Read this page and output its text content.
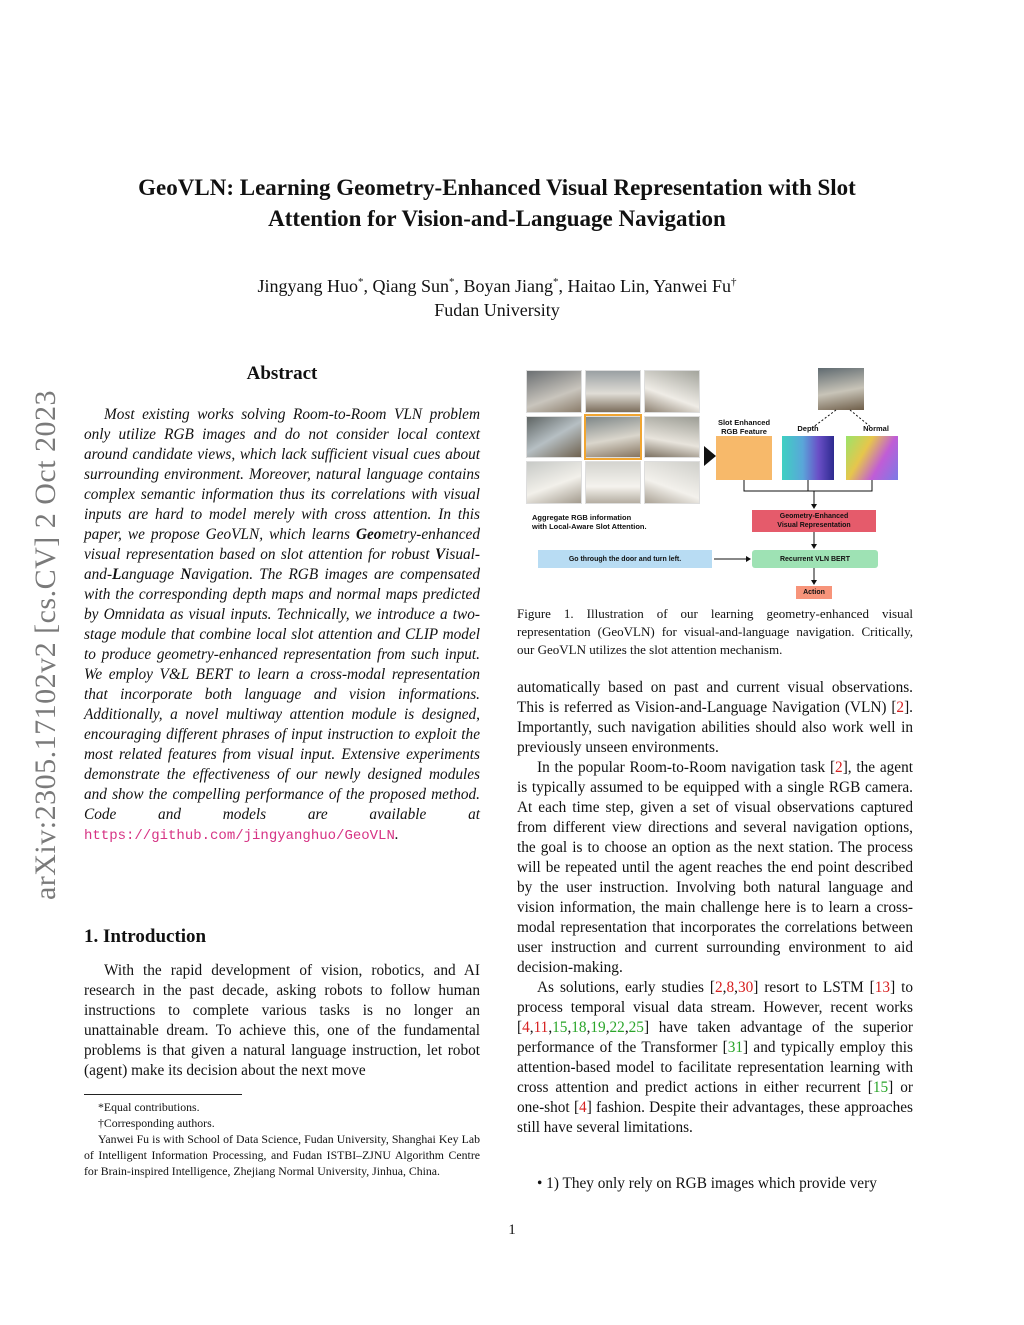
arXiv:2305.17102v2 [cs.CV] 2 Oct 2023
GeoVLN: Learning Geometry-Enhanced Visual Representation with Slot Attention for Vision-and-Language Navigation
Jingyang Huo*, Qiang Sun*, Boyan Jiang*, Haitao Lin, Yanwei Fu†
Fudan University
Abstract
Most existing works solving Room-to-Room VLN problem only utilize RGB images and do not consider local context around candidate views, which lack sufficient visual cues about surrounding environment. Moreover, natural language contains complex semantic information thus its correlations with visual inputs are hard to model merely with cross attention. In this paper, we propose GeoVLN, which learns Geometry-enhanced visual representation based on slot attention for robust Visual-and-Language Navigation. The RGB images are compensated with the corresponding depth maps and normal maps predicted by Omnidata as visual inputs. Technically, we introduce a two-stage module that combine local slot attention and CLIP model to produce geometry-enhanced representation from such input. We employ V&L BERT to learn a cross-modal representation that incorporate both language and vision informations. Additionally, a novel multiway attention module is designed, encouraging different phrases of input instruction to exploit the most related features from visual input. Extensive experiments demonstrate the effectiveness of our newly designed modules and show the compelling performance of the proposed method. Code and models are available at https://github.com/jingyanghuo/GeoVLN.
1. Introduction
With the rapid development of vision, robotics, and AI research in the past decade, asking robots to follow human instructions to complete various tasks is no longer an unattainable dream. To achieve this, one of the fundamental problems is that given a natural language instruction, let robot (agent) make its decision about the next move

*Equal contributions.

†Corresponding authors.

Yanwei Fu is with School of Data Science, Fudan University, Shanghai Key Lab of Intelligent Information Processing, and Fudan ISTBI–ZJNU Algorithm Centre for Brain-inspired Intelligence, Zhejiang Normal University, Jinhua, China.

Aggregate RGB information
with Local-Aware Slot Attention.
Slot Enhanced
RGB Feature	Depth	Normal
Geometry-Enhanced
Visual Representation
Go through the door and turn left.	Recurrent VLN BERT
Action
Figure 1. Illustration of our learning geometry-enhanced visual representation (GeoVLN) for visual-and-language navigation. Critically, our GeoVLN utilizes the slot attention mechanism.

automatically based on past and current visual observations. This is referred as Vision-and-Language Navigation (VLN) [2]. Importantly, such navigation abilities should also work well in previously unseen environments.

In the popular Room-to-Room navigation task [2], the agent is typically assumed to be equipped with a single RGB camera. At each time step, given a set of visual observations captured from different view directions and several navigation options, the goal is to choose an option as the next station. The process will be repeated until the agent reaches the end point described by the user instruction. Involving both natural language and vision information, the main challenge here is to learn a cross-modal representation that incorporates the correlations between user instruction and current surrounding environment to aid decision-making.

As solutions, early studies [2,8,30] resort to LSTM [13] to process temporal visual data stream. However, recent works [4,11,15,18,19,22,25] have taken advantage of the superior performance of the Transformer [31] and typically employ this attention-based model to facilitate representation learning with cross attention and predict actions in either recurrent [15] or one-shot [4] fashion. Despite their advantages, these approaches still have several limitations.

• 1) They only rely on RGB images which provide very
1
